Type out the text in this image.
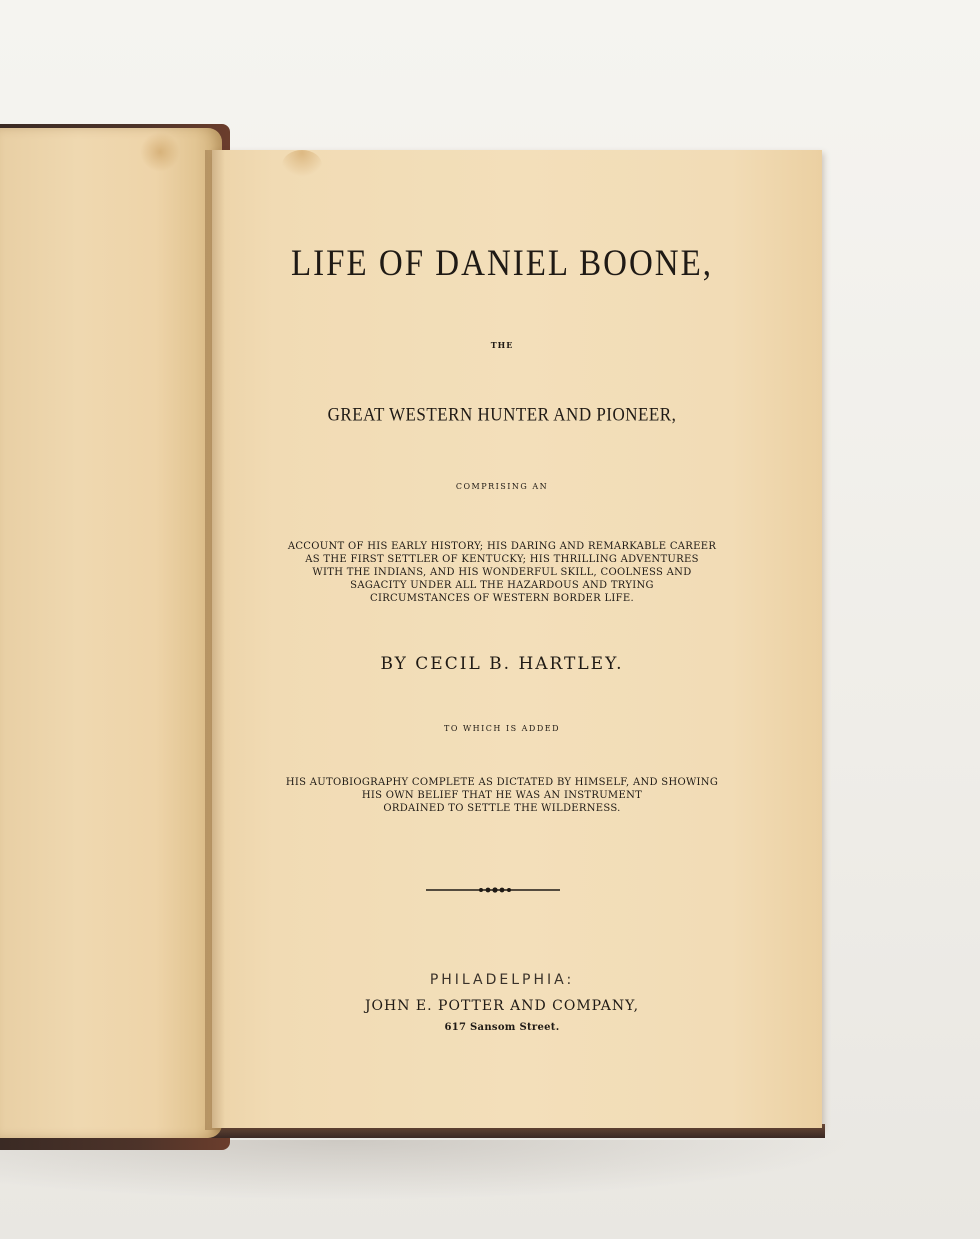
LIFE OF DANIEL BOONE,

THE

GREAT WESTERN HUNTER AND PIONEER,

COMPRISING AN

ACCOUNT OF HIS EARLY HISTORY; HIS DARING AND REMARKABLE CAREER
AS THE FIRST SETTLER OF KENTUCKY; HIS THRILLING ADVENTURES
WITH THE INDIANS, AND HIS WONDERFUL SKILL, COOLNESS AND
SAGACITY UNDER ALL THE HAZARDOUS AND TRYING
CIRCUMSTANCES OF WESTERN BORDER LIFE.

BY CECIL B. HARTLEY.

TO WHICH IS ADDED

HIS AUTOBIOGRAPHY COMPLETE AS DICTATED BY HIMSELF, AND SHOWING
HIS OWN BELIEF THAT HE WAS AN INSTRUMENT
ORDAINED TO SETTLE THE WILDERNESS.

PHILADELPHIA:

JOHN E. POTTER AND COMPANY,

617 Sansom Street.
